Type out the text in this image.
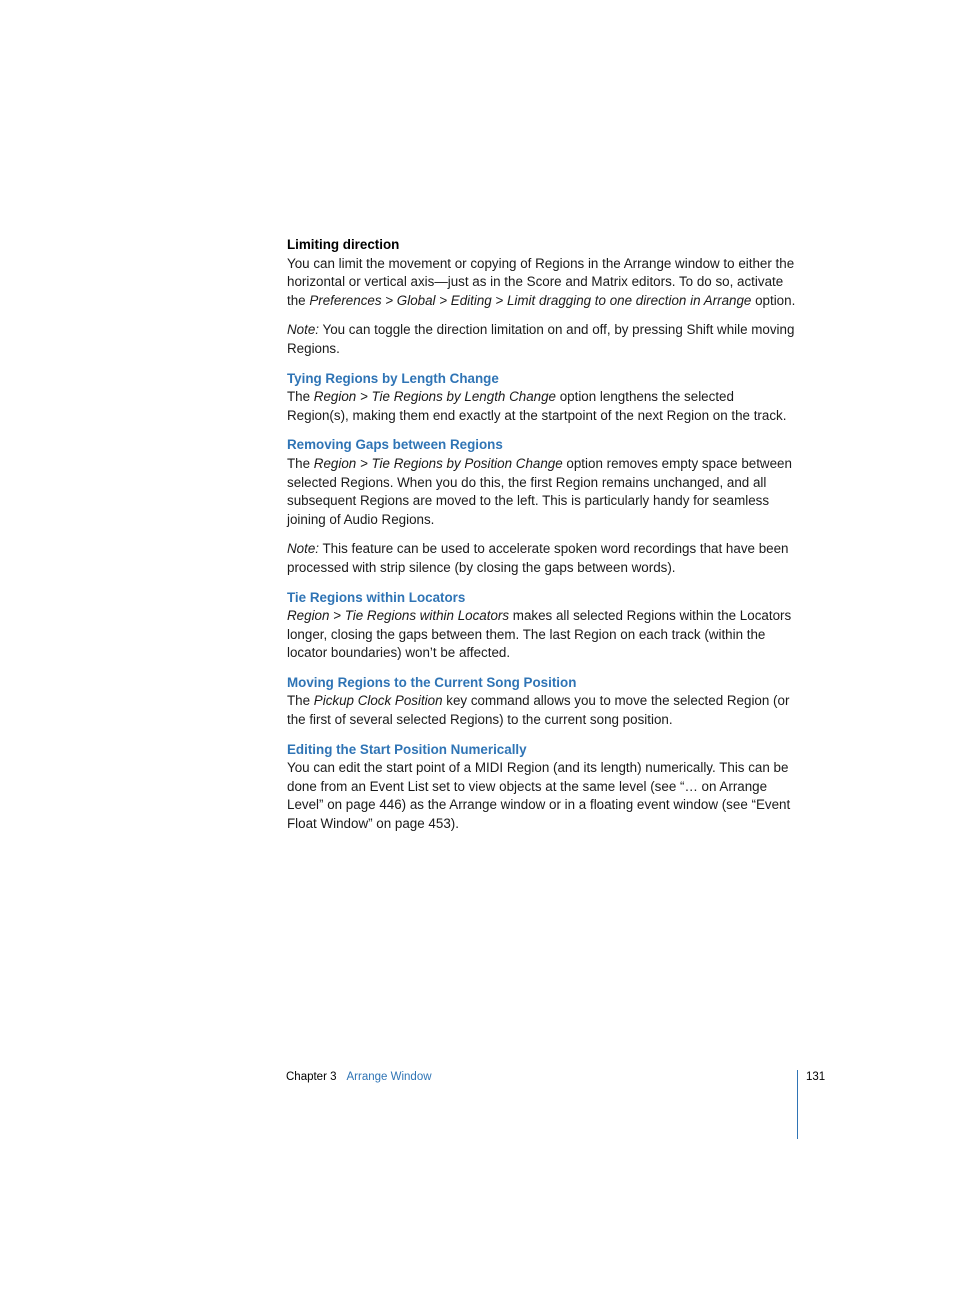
Limiting direction

You can limit the movement or copying of Regions in the Arrange window to either the horizontal or vertical axis—just as in the Score and Matrix editors. To do so, activate the Preferences > Global > Editing > Limit dragging to one direction in Arrange option.

Note: You can toggle the direction limitation on and off, by pressing Shift while moving Regions.

Tying Regions by Length Change

The Region > Tie Regions by Length Change option lengthens the selected Region(s), making them end exactly at the startpoint of the next Region on the track.

Removing Gaps between Regions

The Region > Tie Regions by Position Change option removes empty space between selected Regions. When you do this, the first Region remains unchanged, and all subsequent Regions are moved to the left. This is particularly handy for seamless joining of Audio Regions.

Note: This feature can be used to accelerate spoken word recordings that have been processed with strip silence (by closing the gaps between words).

Tie Regions within Locators

Region > Tie Regions within Locators makes all selected Regions within the Locators longer, closing the gaps between them. The last Region on each track (within the locator boundaries) won’t be affected.

Moving Regions to the Current Song Position

The Pickup Clock Position key command allows you to move the selected Region (or the first of several selected Regions) to the current song position.

Editing the Start Position Numerically

You can edit the start point of a MIDI Region (and its length) numerically. This can be done from an Event List set to view objects at the same level (see “… on Arrange Level” on page 446) as the Arrange window or in a floating event window (see “Event Float Window” on page 453).

Chapter 3 Arrange Window	131
